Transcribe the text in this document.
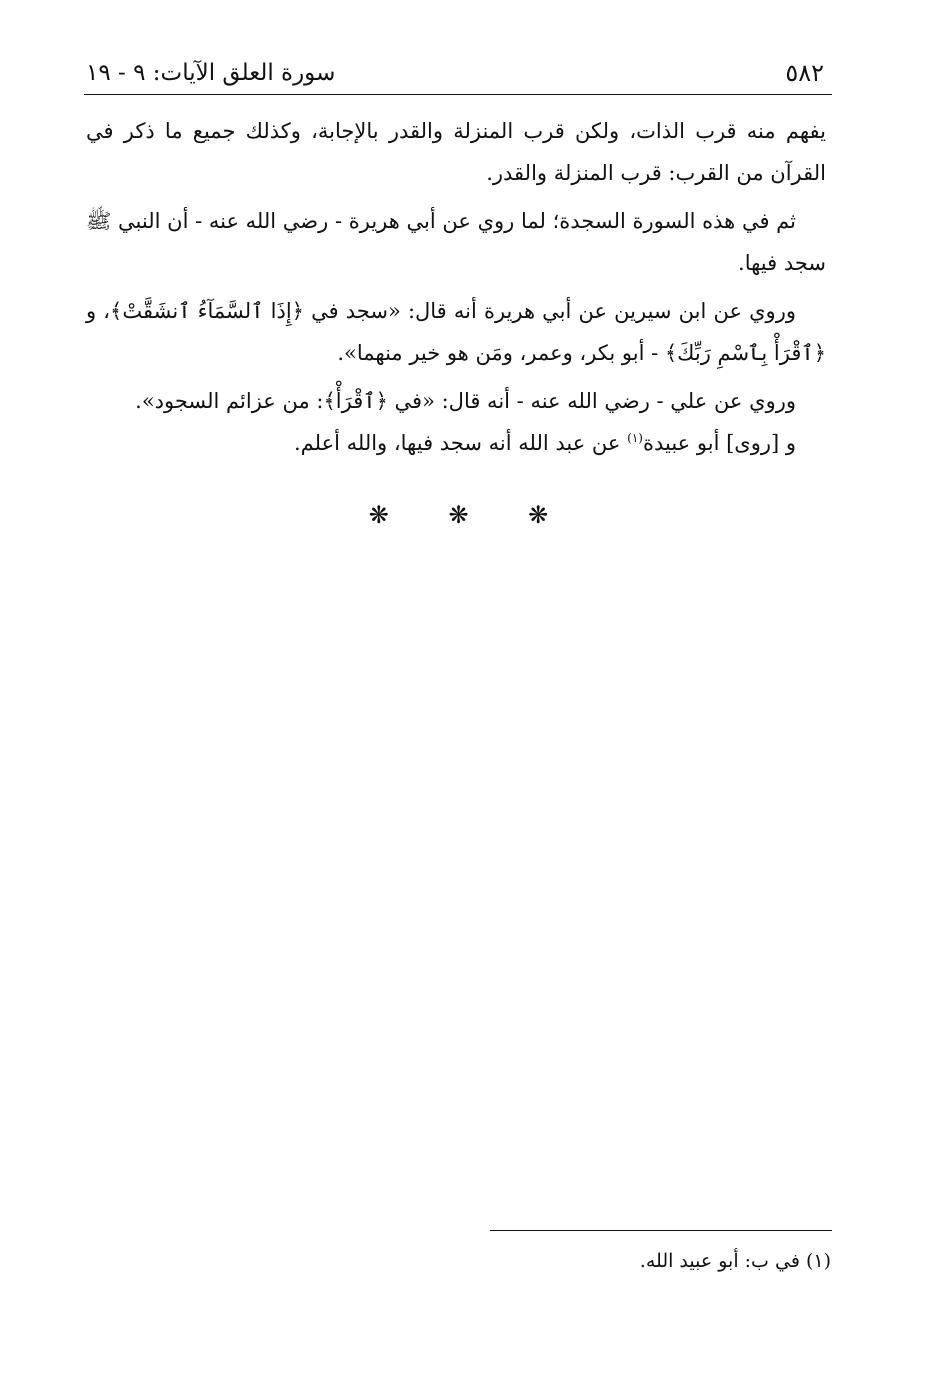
٥٨٢
سورة العلق الآيات: ٩ - ١٩

يفهم منه قرب الذات، ولكن قرب المنزلة والقدر بالإجابة، وكذلك جميع ما ذكر في القرآن من القرب: قرب المنزلة والقدر.

ثم في هذه السورة السجدة؛ لما روي عن أبي هريرة - رضي الله عنه - أن النبي ﷺ سجد فيها.

وروي عن ابن سيرين عن أبي هريرة أنه قال: «سجد في ﴿إِذَا ٱلسَّمَآءُ ٱنشَقَّتْ﴾، و ﴿ٱقْرَأْ بِٱسْمِ رَبِّكَ﴾ - أبو بكر، وعمر، ومَن هو خير منهما».

وروي عن علي - رضي الله عنه - أنه قال: «في ﴿ٱقْرَأْ﴾: من عزائم السجود».

و [روى] أبو عبيدة$^{(١)}$ عن عبد الله أنه سجد فيها، والله أعلم.

❋ ❋ ❋
(١) في ب: أبو عبيد الله.
